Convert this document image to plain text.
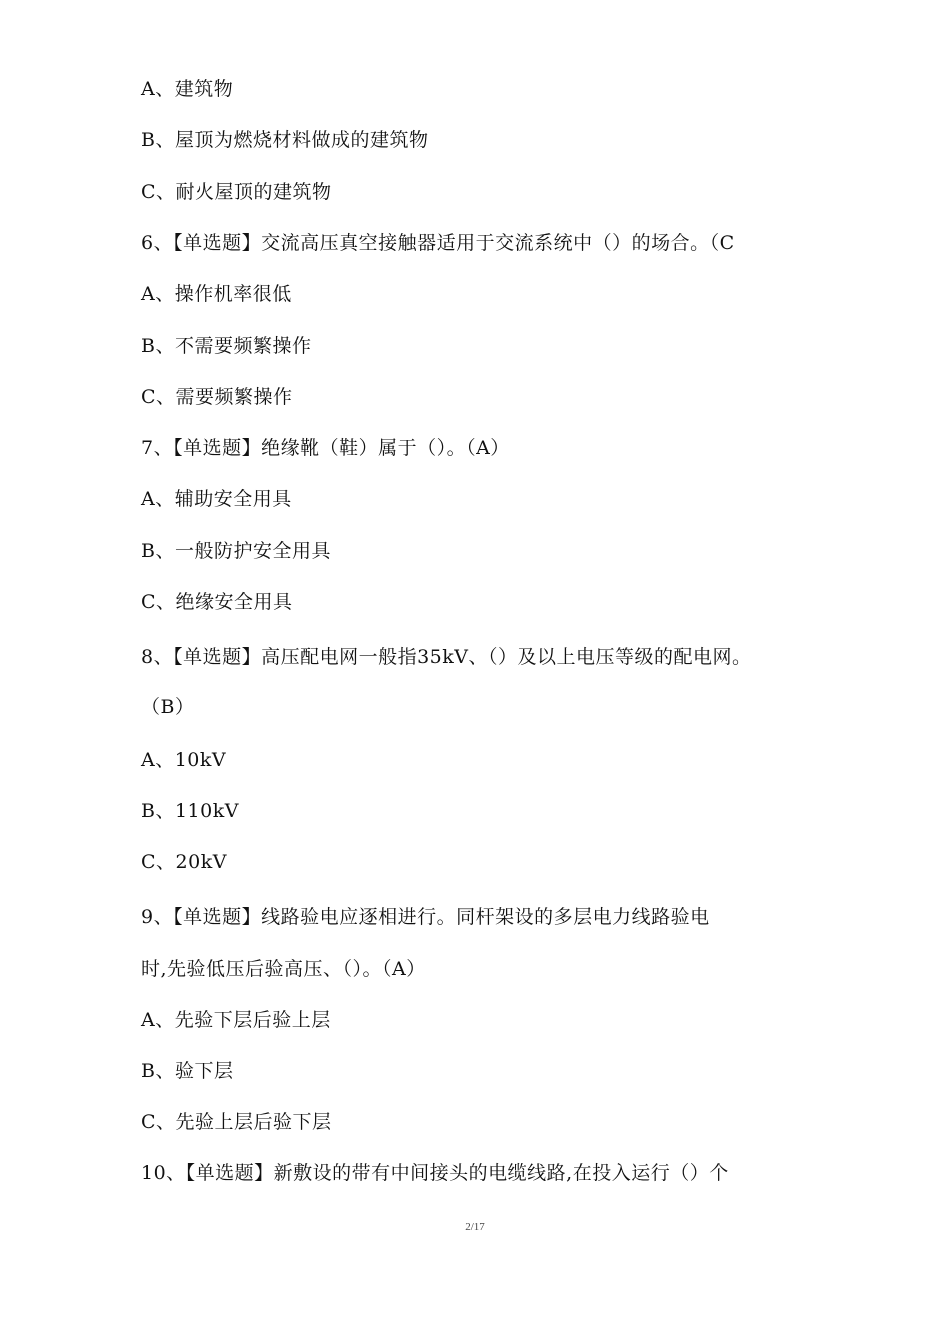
A、建筑物
B、屋顶为燃烧材料做成的建筑物
C、耐火屋顶的建筑物
6、【单选题】交流高压真空接触器适用于交流系统中（）的场合。（C
A、操作机率很低
B、不需要频繁操作
C、需要频繁操作
7、【单选题】绝缘靴（鞋）属于（）。（A）
A、辅助安全用具
B、一般防护安全用具
C、绝缘安全用具
8、【单选题】高压配电网一般指35kV、（）及以上电压等级的配电网。
（B）
A、10kV
B、110kV
C、20kV
9、【单选题】线路验电应逐相进行。同杆架设的多层电力线路验电
时,先验低压后验高压、（）。（A）
A、先验下层后验上层
B、验下层
C、先验上层后验下层
10、【单选题】新敷设的带有中间接头的电缆线路,在投入运行（）个
2/17
